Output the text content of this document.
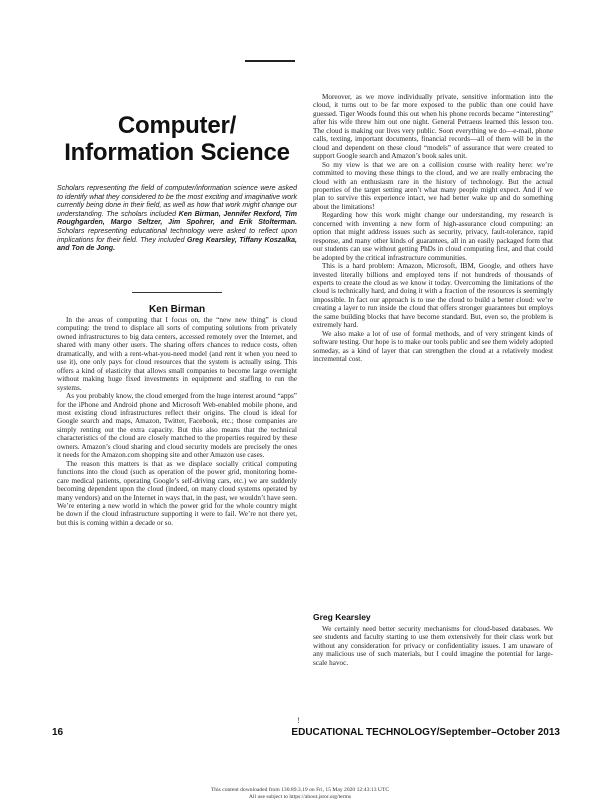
Computer/
Information Science
Scholars representing the field of computer/information science were asked to identify what they considered to be the most exciting and imaginative work currently being done in their field, as well as how that work might change our understanding. The scholars included Ken Birman, Jennifer Rexford, Tim Roughgarden, Margo Seltzer, Jim Spohrer, and Erik Stolterman. Scholars representing educational technology were asked to reflect upon implications for their field. They included Greg Kearsley, Tiffany Koszalka, and Ton de Jong.
Ken Birman

In the areas of computing that I focus on, the “new new thing” is cloud computing: the trend to displace all sorts of computing solutions from privately owned infrastructures to big data centers, accessed remotely over the Internet, and shared with many other users. The sharing offers chances to reduce costs, often dramatically, and with a rent-what-you-need model (and rent it when you need to use it), one only pays for cloud resources that the system is actually using. This offers a kind of elasticity that allows small companies to become large overnight without making huge fixed investments in equipment and staffing to run the systems.

As you probably know, the cloud emerged from the huge interest around “apps” for the iPhone and Android phone and Microsoft Web-enabled mobile phone, and most existing cloud infrastructures reflect their origins. The cloud is ideal for Google search and maps, Amazon, Twitter, Facebook, etc.; those companies are simply renting out the extra capacity. But this also means that the technical characteristics of the cloud are closely matched to the properties required by these owners. Amazon’s cloud sharing and cloud security models are precisely the ones it needs for the Amazon.com shopping site and other Amazon use cases.

The reason this matters is that as we displace socially critical computing functions into the cloud (such as operation of the power grid, monitoring home-care medical patients, operating Google’s self-driving cars, etc.) we are suddenly becoming dependent upon the cloud (indeed, on many cloud systems operated by many vendors) and on the Internet in ways that, in the past, we wouldn’t have seen. We’re entering a new world in which the power grid for the whole country might be down if the cloud infrastructure supporting it were to fail. We’re not there yet, but this is coming within a decade or so.

Moreover, as we move individually private, sensitive information into the cloud, it turns out to be far more exposed to the public than one could have guessed. Tiger Woods found this out when his phone records became “interesting” after his wife threw him out one night. General Petraeus learned this lesson too. The cloud is making our lives very public. Soon everything we do—e-mail, phone calls, texting, important documents, financial records—all of them will be in the cloud and dependent on these cloud “models” of assurance that were created to support Google search and Amazon’s book sales unit.

So my view is that we are on a collision course with reality here: we’re committed to moving these things to the cloud, and we are really embracing the cloud with an enthusiasm rare in the history of technology. But the actual properties of the target setting aren’t what many people might expect. And if we plan to survive this experience intact, we had better wake up and do something about the limitations!

Regarding how this work might change our understanding, my research is concerned with inventing a new form of high-assurance cloud computing: an option that might address issues such as security, privacy, fault-tolerance, rapid response, and many other kinds of guarantees, all in an easily packaged form that our students can use without getting PhDs in cloud computing first, and that could be adopted by the critical infrastructure communities.

This is a hard problem: Amazon, Microsoft, IBM, Google, and others have invested literally billions and employed tens if not hundreds of thousands of experts to create the cloud as we know it today. Overcoming the limitations of the cloud is technically hard, and doing it with a fraction of the resources is seemingly impossible. In fact our approach is to use the cloud to build a better cloud: we’re creating a layer to run inside the cloud that offers stronger guarantees but employs the same building blocks that have become standard. But, even so, the problem is extremely hard.

We also make a lot of use of formal methods, and of very stringent kinds of software testing. Our hope is to make our tools public and see them widely adopted someday, as a kind of layer that can strengthen the cloud at a relatively modest incremental cost.

Greg Kearsley

We certainly need better security mechanisms for cloud-based databases. We see students and faculty starting to use them extensively for their class work but without any consideration for privacy or confidentiality issues. I am unaware of any malicious use of such materials, but I could imagine the potential for large-scale havoc.

!
16	EDUCATIONAL TECHNOLOGY/September–October 2013
This content downloaded from 130.89.3.19 on Fri, 15 May 2020 12:43:13 UTC
All use subject to https://about.jstor.org/terms
